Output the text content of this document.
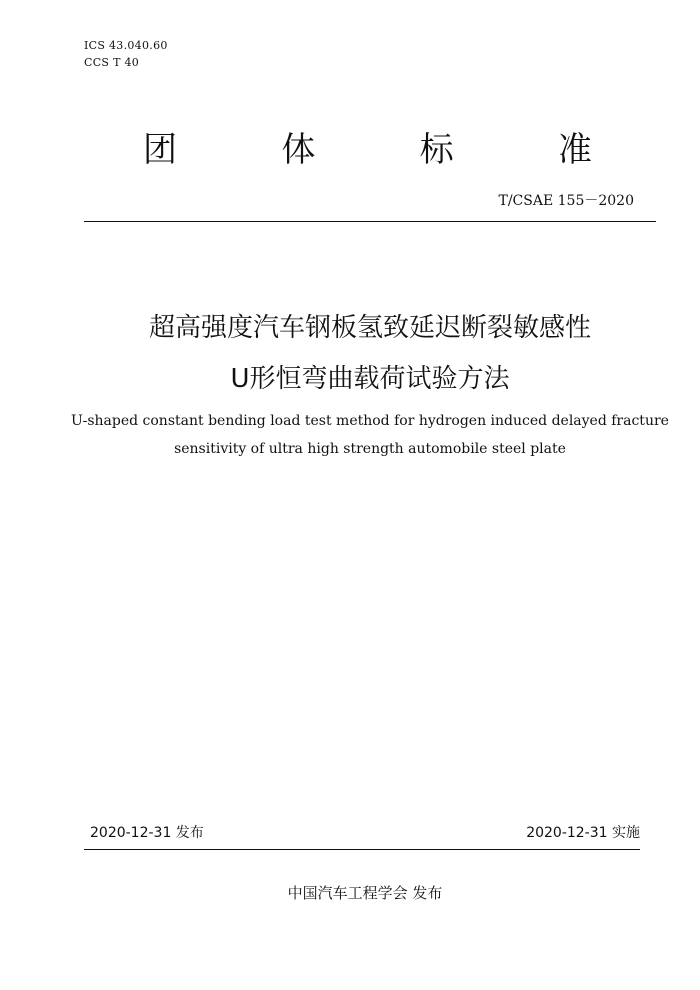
ICS 43.040.60
CCS T 40
团	体	标	准
T/CSAE 155－2020
超高强度汽车钢板氢致延迟断裂敏感性
U形恒弯曲载荷试验方法
U-shaped constant bending load test method for hydrogen induced delayed fracture
sensitivity of ultra high strength automobile steel plate
2020-12-31 发布	2020-12-31 实施
中国汽车工程学会 发布
